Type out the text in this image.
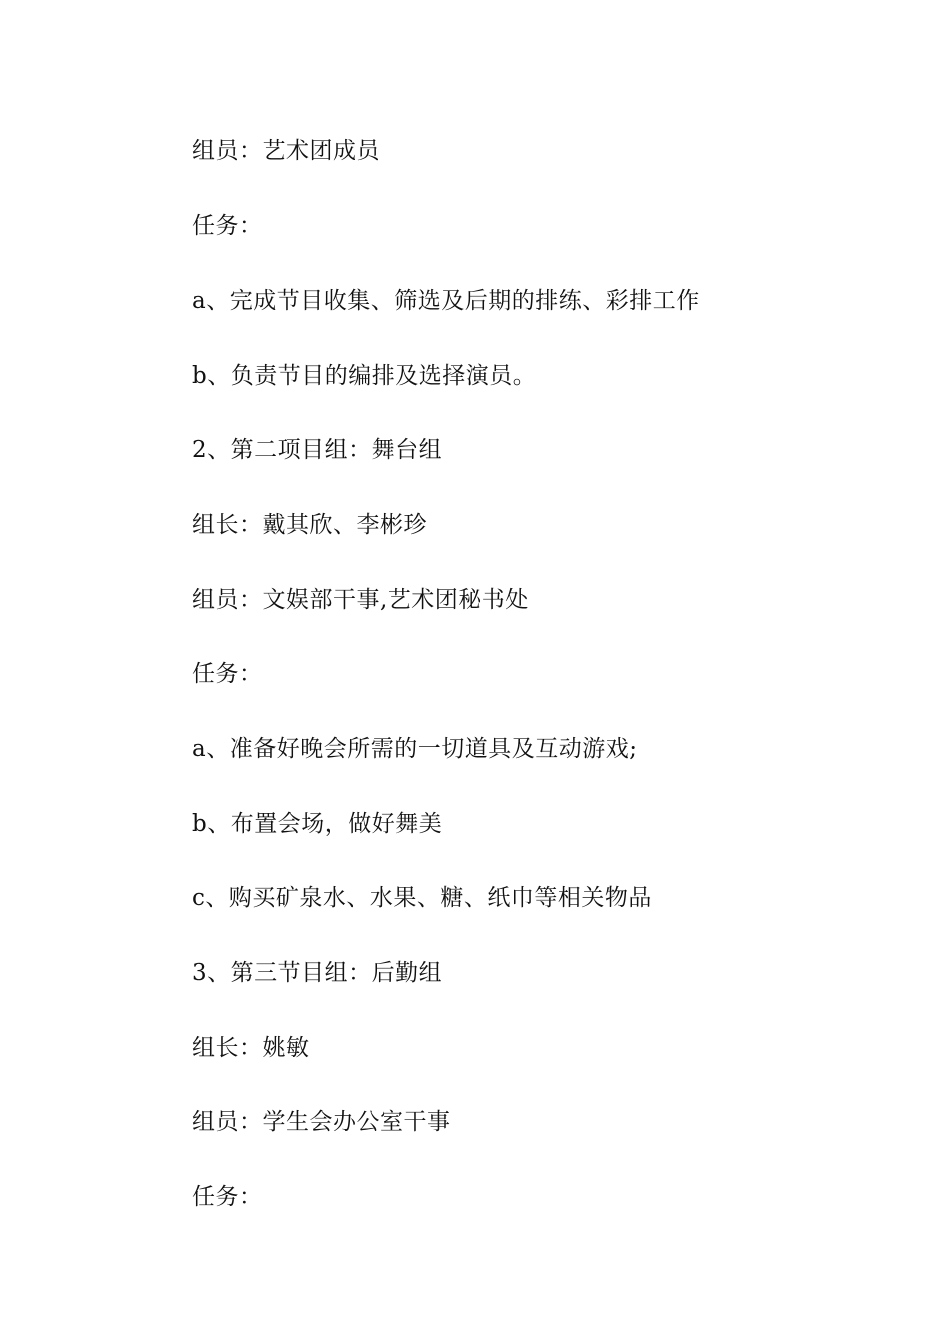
组员：艺术团成员
任务：
a、完成节目收集、筛选及后期的排练、彩排工作
b、负责节目的编排及选择演员。
2、第二项目组：舞台组
组长：戴其欣、李彬珍
组员：文娱部干事,艺术团秘书处
任务：
a、准备好晚会所需的一切道具及互动游戏;
b、布置会场，做好舞美
c、购买矿泉水、水果、糖、纸巾等相关物品
3、第三节目组：后勤组
组长：姚敏
组员：学生会办公室干事
任务：
